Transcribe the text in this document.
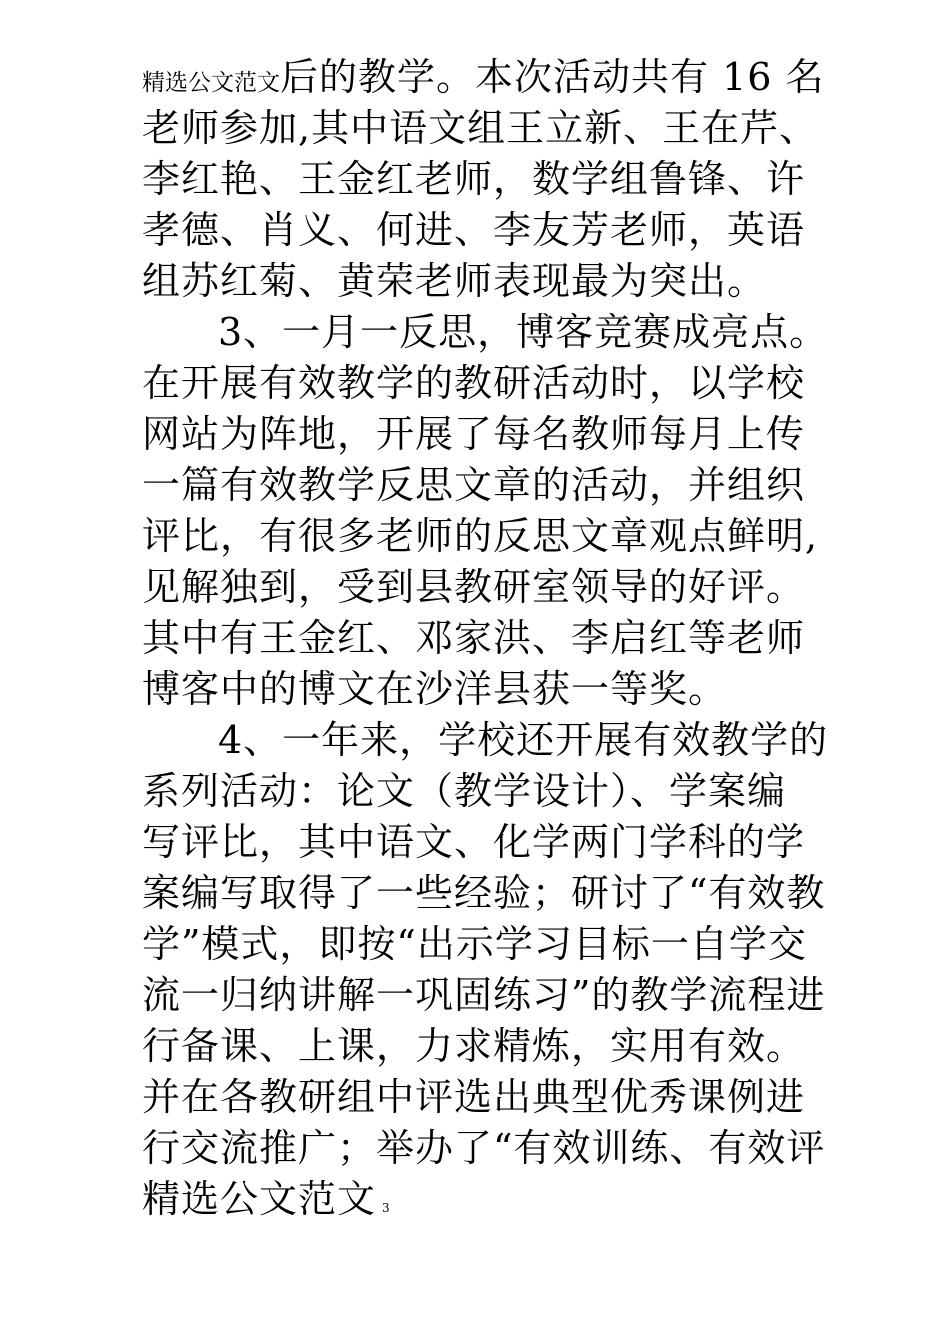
精选公文范文后的教学。本次活动共有 16 名
老师参加,其中语文组王立新、王在芹、
李红艳、王金红老师，数学组鲁锋、许
孝德、肖义、何进、李友芳老师，英语
组苏红菊、黄荣老师表现最为突出。
3、一月一反思，博客竞赛成亮点。
在开展有效教学的教研活动时，以学校
网站为阵地，开展了每名教师每月上传
一篇有效教学反思文章的活动，并组织
评比，有很多老师的反思文章观点鲜明,
见解独到，受到县教研室领导的好评。
其中有王金红、邓家洪、李启红等老师
博客中的博文在沙洋县获一等奖。
4、一年来，学校还开展有效教学的
系列活动：论文（教学设计）、学案编
写评比，其中语文、化学两门学科的学
案编写取得了一些经验；研讨了“有效教
学”模式，即按“出示学习目标一自学交
流一归纳讲解一巩固练习”的教学流程进
行备课、上课，力求精炼，实用有效。
并在各教研组中评选出典型优秀课例进
行交流推广；举办了“有效训练、有效评
精选公文范文 3
